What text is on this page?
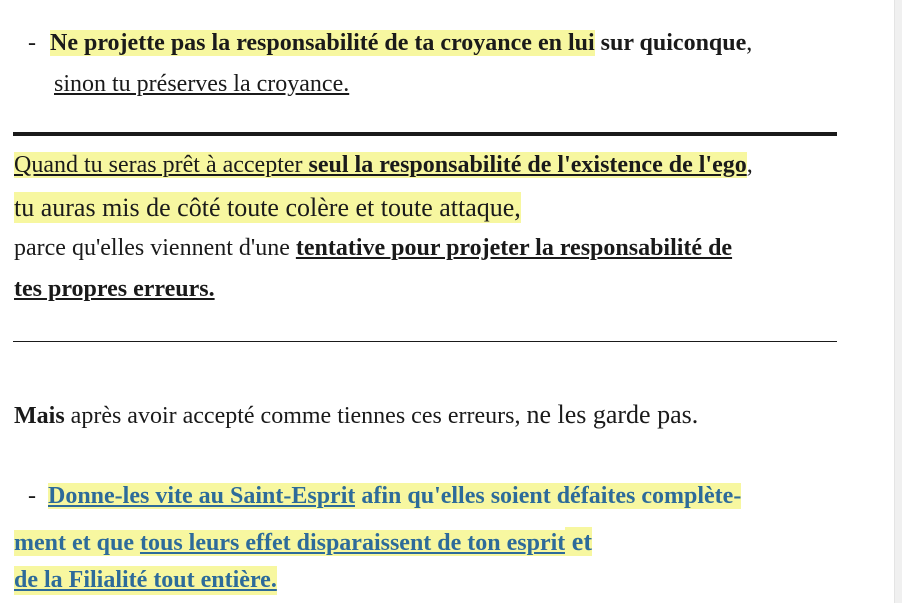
- Ne projette pas la responsabilité de ta croyance en lui sur quiconque,
sinon tu préserves la croyance.
Quand tu seras prêt à accepter seul la responsabilité de l'existence de l'ego,
tu auras mis de côté toute colère et toute attaque,
parce qu'elles viennent d'une tentative pour projeter la responsabilité de
tes propres erreurs.
Mais après avoir accepté comme tiennes ces erreurs, ne les garde pas.
- Donne-les vite au Saint-Esprit afin qu'elles soient défaites complète-
ment et que tous leurs effet disparaissent de ton esprit et
de la Filialité tout entière.
